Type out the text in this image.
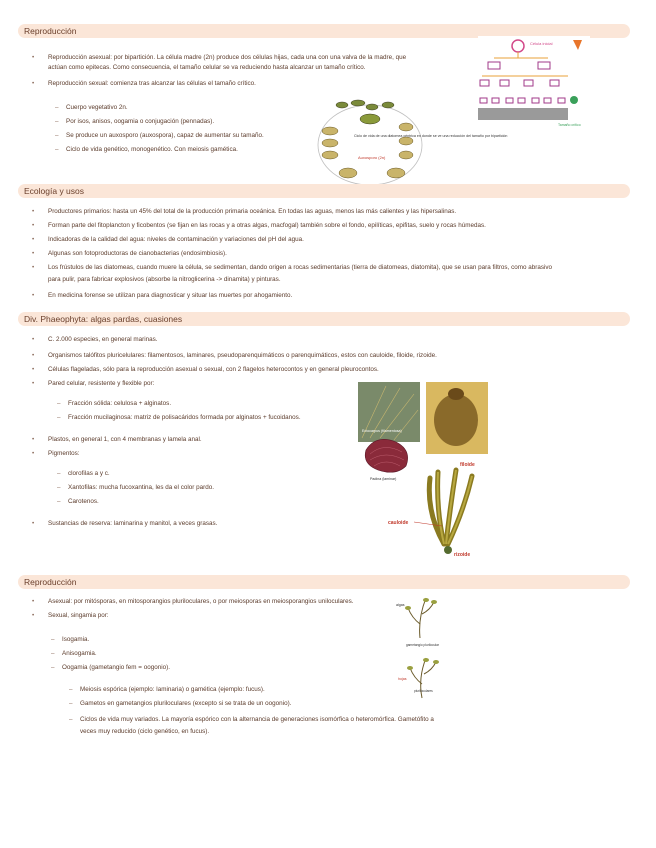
Reproducción
• Reproducción asexual: por bipartición. La célula madre (2n) produce dos células hijas, cada una con una valva de la madre, que
actúan como epitecas. Como consecuencia, el tamaño celular se va reduciendo hasta alcanzar un tamaño crítico.
• Reproducción sexual: comienza tras alcanzar las células el tamaño crítico.
– Cuerpo vegetativo 2n.
– Por isos, anisos, oogamia o conjugación (pennadas).
– Se produce un auxosporo (auxospora), capaz de aumentar su tamaño.
– Ciclo de vida genético, monogenético. Con meiosis gamética.
Célula inicial
Tamaño crítico
Ciclo de vida de una diatomea céntrica en donde se ve una reducción del tamaño por bipartición
Auxosporo (2n)
Ecología y usos
• Productores primarios: hasta un 45% del total de la producción primaria oceánica. En todas las aguas, menos las más calientes y las hipersalinas.
• Forman parte del fitoplancton y ficobentos (se fijan en las rocas y a otras algas, macfogal) también sobre el fondo, epilíticas, epifitas, suelo y rocas húmedas.
• Indicadoras de la calidad del agua: niveles de contaminación y variaciones del pH del agua.
• Algunas son fotoproductoras de cianobacterias (endosimbiosis).
• Los frústulos de las diatomeas, cuando muere la célula, se sedimentan, dando origen a rocas sedimentarias (tierra de diatomeas, diatomita), que se usan para filtros, como abrasivo
para pulir, para fabricar explosivos (absorbe la nitroglicerina -> dinamita) y pinturas.
• En medicina forense se utilizan para diagnosticar y situar las muertes por ahogamiento.
Div. Phaeophyta: algas pardas, cuasiones
• C. 2.000 especies, en general marinas.
• Organismos talófitos pluricelulares: filamentosos, laminares, pseudoparenquimáticos o parenquimáticos, estos con cauloide, filoide, rizoide.
• Células flageladas, sólo para la reproducción asexual o sexual, con 2 flagelos heterocontos y en general pleurocontos.
• Pared celular, resistente y flexible por:
– Fracción sólida: celulosa + alginatos.
– Fracción mucilaginosa: matriz de polisacáridos formada por alginatos + fucoidanos.
• Plastos, en general 1, con 4 membranas y lamela anal.
• Pigmentos:
– clorofilas a y c.
– Xantofilas: mucha fucoxantina, les da el color pardo.
– Carotenos.
• Sustancias de reserva: laminarina y manitol, a veces grasas.
Ectocarpus (filamentosa)
Padina (laminar)
filoide
cauloide
rizoide
Reproducción
• Asexual: por mitósporas, en mitosporangios pluriloculares, o por meiosporas en meiosporangios uniloculares.
• Sexual, singamia por:
– Isogamia.
– Anisogamia.
– Oogamia (gametangio fem = oogonio).
– Meiosis espórica (ejemplo: laminaria) o gamética (ejemplo: fucus).
– Gametos en gametangios pluriloculares (excepto si se trata de un oogonio).
– Ciclos de vida muy variados. La mayoría espórico con la alternancia de generaciones isomórfica o heteromórfica. Gametófito a
veces muy reducido (ciclo genético, en fucus).
algas
gametangio plurilocular
hojas
pluriloculares
